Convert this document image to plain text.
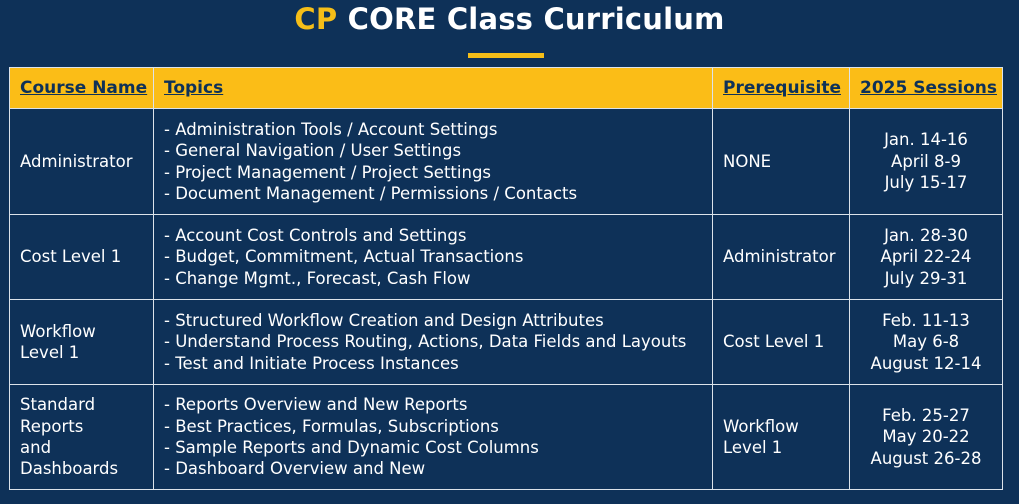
CP CORE Class Curriculum
Course Name	Topics	Prerequisite	2025 Sessions

Administrator	- Administration Tools / Account Settings
- General Navigation / User Settings
- Project Management / Project Settings
- Document Management / Permissions / Contacts	NONE	Jan. 14-16
April 8-9
July 15-17

Cost Level 1	- Account Cost Controls and Settings
- Budget, Commitment, Actual Transactions
- Change Mgmt., Forecast, Cash Flow	Administrator	Jan. 28-30
April 22-24
July 29-31

Workflow
Level 1	- Structured Workflow Creation and Design Attributes
- Understand Process Routing, Actions, Data Fields and Layouts
- Test and Initiate Process Instances	Cost Level 1	Feb. 11-13
May 6-8
August 12-14

Standard
Reports
and
Dashboards	- Reports Overview and New Reports
- Best Practices, Formulas, Subscriptions
- Sample Reports and Dynamic Cost Columns
- Dashboard Overview and New	Workflow
Level 1	Feb. 25-27
May 20-22
August 26-28
